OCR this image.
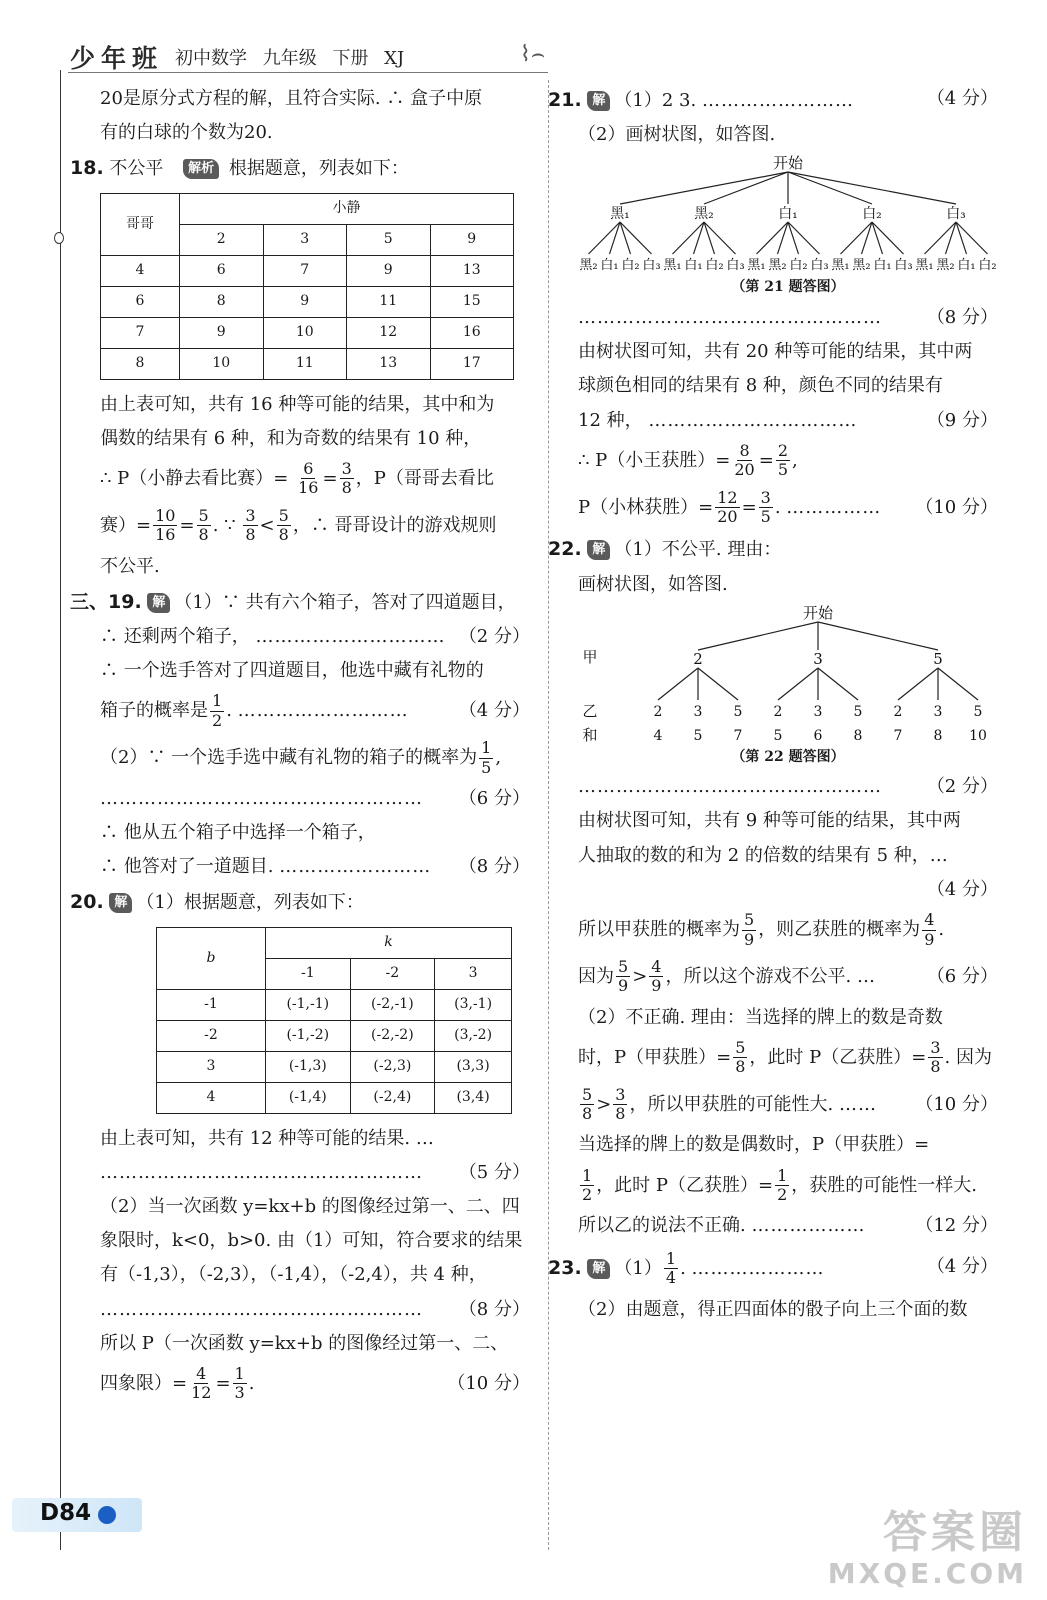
少年班 初中数学 九年级 下册 XJ	⌇⌢

20是原分式方程的解，且符合实际. ∴ 盒子中原

有的白球的个数为20.

18. 不公平 解析 根据题意，列表如下：

哥哥	小静			
	2	3	5	9
4	6	7	9	13
6	8	9	11	15
7	9	10	12	16
8	10	11	13	17

由上表可知，共有 16 种等可能的结果，其中和为

偶数的结果有 6 种，和为奇数的结果有 10 种，

∴ P（小静去看比赛）= $\frac{6}{16} = \frac{3}{8}$ ，P（哥哥去看比

赛）= $\frac{10}{16} = \frac{5}{8}$ . ∵ $\frac{3}{8} < \frac{5}{8}$ ，∴ 哥哥设计的游戏规则

不公平.

三、19. 解 （1）∵ 共有六个箱子，答对了四道题目，

∴ 还剩两个箱子， ………………………… （2 分）

∴ 一个选手答对了四道题目，他选中藏有礼物的

箱子的概率是 $\frac{1}{2}$ . ………………………	（4 分）

（2）∵ 一个选手选中藏有礼物的箱子的概率为 $\frac{1}{5}$ ,

…………………………………………… （6 分）

∴ 他从五个箱子中选择一个箱子，

∴ 他答对了一道题目. …………………… （8 分）

20. 解 （1）根据题意，列表如下：

b	k		
	-1	-2	3
-1	(-1,-1)	(-2,-1)	(3,-1)
-2	(-1,-2)	(-2,-2)	(3,-2)
3	(-1,3)	(-2,3)	(3,3)
4	(-1,4)	(-2,4)	(3,4)

由上表可知，共有 12 种等可能的结果. …

…………………………………………… （5 分）

（2）当一次函数 y=kx+b 的图像经过第一、二、四

象限时，k<0，b>0. 由（1）可知，符合要求的结果

有（-1,3），（-2,3），（-1,4），（-2,4），共 4 种，

…………………………………………… （8 分）

所以 P（一次函数 y=kx+b 的图像经过第一、二、

四象限）= $\frac{4}{12} = \frac{1}{3}$ .	（10 分）

21. 解 （1）2 3. ……………………	（4 分）

（2）画树状图，如答图.

开始
黑₁
黑₂ 白₁ 白₂ 白₃
黑₂
黑₁ 白₁ 白₂ 白₃
白₁
黑₁ 黑₂ 白₂ 白₃
白₂
黑₁ 黑₂ 白₁ 白₃
白₃
黑₁ 黑₂ 白₁ 白₂
（第 21 题答图）

………………………………………… （8 分）

由树状图可知，共有 20 种等可能的结果，其中两

球颜色相同的结果有 8 种，颜色不同的结果有

12 种， ……………………………	（9 分）

∴ P（小王获胜）= $\frac{8}{20} = \frac{2}{5}$ ,

P（小林获胜）= $\frac{12}{20} = \frac{3}{5}$ . …………… （10 分）

22. 解 （1）不公平. 理由：

画树状图，如答图.

开始
甲
乙
和
2
2
4
3
5
5
7
3
2
5
3
6
5
8
5
2
7
3
8
5
10
（第 22 题答图）

………………………………………… （2 分）

由树状图可知，共有 9 种等可能的结果，其中两

人抽取的数的和为 2 的倍数的结果有 5 种，…

（4 分）

所以甲获胜的概率为 $\frac{5}{9}$ ，则乙获胜的概率为 $\frac{4}{9}$ .

因为 $\frac{5}{9} > \frac{4}{9}$ ，所以这个游戏不公平. …	（6 分）

（2）不正确. 理由：当选择的牌上的数是奇数

时，P（甲获胜）= $\frac{5}{8}$ ，此时 P（乙获胜）= $\frac{3}{8}$ . 因为

$\frac{5}{8} > \frac{3}{8}$ ，所以甲获胜的可能性大. …… （10 分）

当选择的牌上的数是偶数时，P（甲获胜）=

$\frac{1}{2}$ ，此时 P（乙获胜）= $\frac{1}{2}$ ，获胜的可能性一样大.

所以乙的说法不正确. ………………	（12 分）

23. 解 $(1) \frac{1}{4}$ . …………………	（4 分）

（2）由题意，得正四面体的骰子向上三个面的数

D84	答案圈
MXQE.COM
